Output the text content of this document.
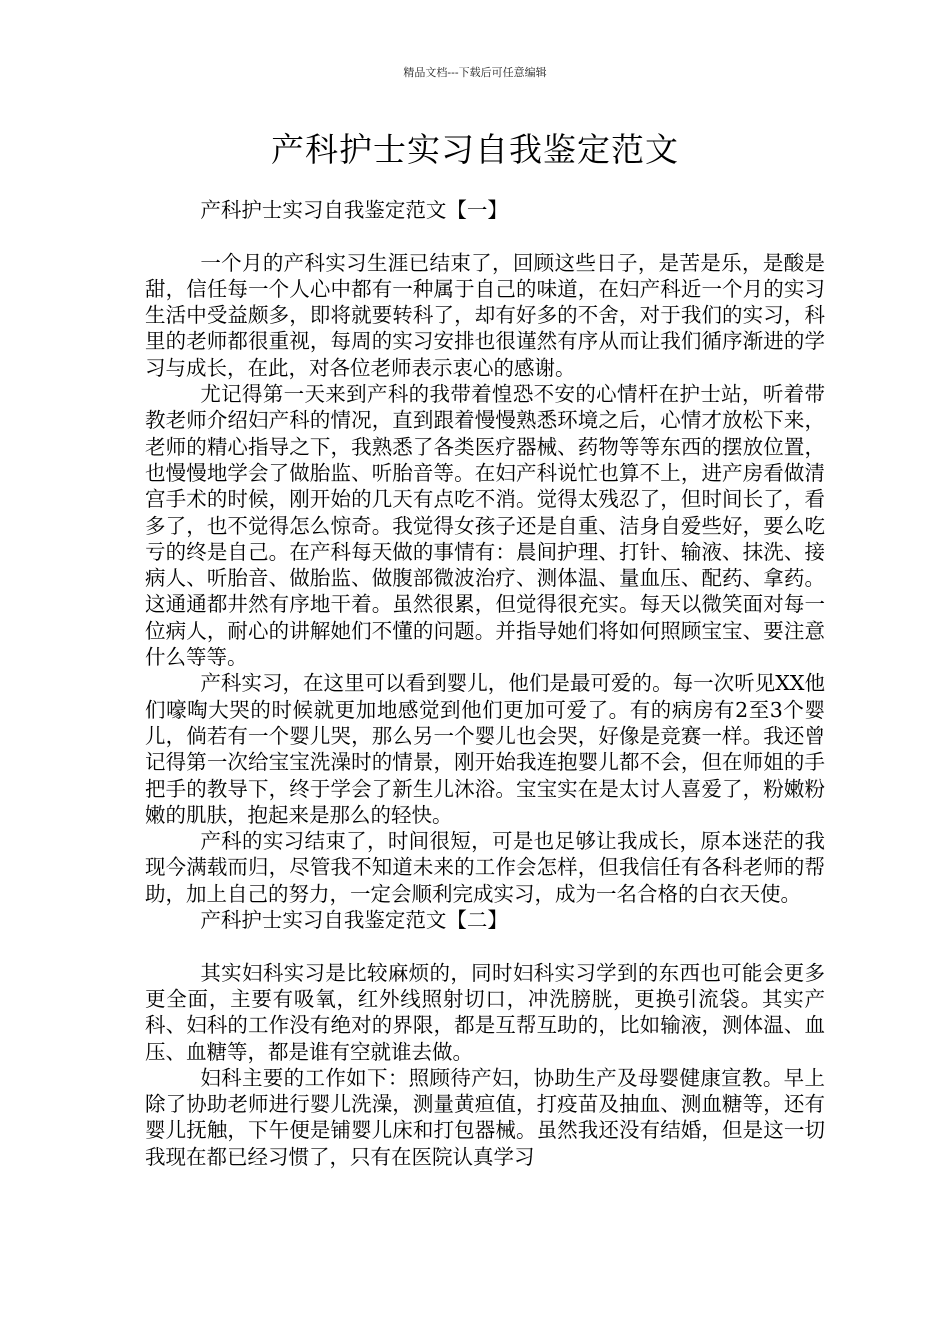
精品文档---下载后可任意编辑
产科护士实习自我鉴定范文

产科护士实习自我鉴定范文【一】

一个月的产科实习生涯已结束了，回顾这些日子，是苦是乐，是酸是甜，信任每一个人心中都有一种属于自己的味道，在妇产科近一个月的实习生活中受益颇多，即将就要转科了，却有好多的不舍，对于我们的实习，科里的老师都很重视，每周的实习安排也很谨然有序从而让我们循序渐进的学习与成长，在此，对各位老师表示衷心的感谢。

尤记得第一天来到产科的我带着惶恐不安的心情杆在护士站，听着带教老师介绍妇产科的情况，直到跟着慢慢熟悉环境之后，心情才放松下来，老师的精心指导之下，我熟悉了各类医疗器械、药物等等东西的摆放位置，也慢慢地学会了做胎监、听胎音等。在妇产科说忙也算不上，进产房看做清宫手术的时候，刚开始的几天有点吃不消。觉得太残忍了，但时间长了，看多了，也不觉得怎么惊奇。我觉得女孩子还是自重、洁身自爱些好，要么吃亏的终是自己。在产科每天做的事情有：晨间护理、打针、输液、抹洗、接病人、听胎音、做胎监、做腹部微波治疗、测体温、量血压、配药、拿药。这通通都井然有序地干着。虽然很累，但觉得很充实。每天以微笑面对每一位病人，耐心的讲解她们不懂的问题。并指导她们将如何照顾宝宝、要注意什么等等。

产科实习，在这里可以看到婴儿，他们是最可爱的。每一次听见XX他们嚎啕大哭的时候就更加地感觉到他们更加可爱了。有的病房有2至3个婴儿，倘若有一个婴儿哭，那么另一个婴儿也会哭，好像是竞赛一样。我还曾记得第一次给宝宝洗澡时的情景，刚开始我连抱婴儿都不会，但在师姐的手把手的教导下，终于学会了新生儿沐浴。宝宝实在是太讨人喜爱了，粉嫩粉嫩的肌肤，抱起来是那么的轻快。

产科的实习结束了，时间很短，可是也足够让我成长，原本迷茫的我现今满载而归，尽管我不知道未来的工作会怎样，但我信任有各科老师的帮助，加上自己的努力，一定会顺利完成实习，成为一名合格的白衣天使。

产科护士实习自我鉴定范文【二】

其实妇科实习是比较麻烦的，同时妇科实习学到的东西也可能会更多更全面，主要有吸氧，红外线照射切口，冲洗膀胱，更换引流袋。其实产科、妇科的工作没有绝对的界限，都是互帮互助的，比如输液，测体温、血压、血糖等，都是谁有空就谁去做。

妇科主要的工作如下：照顾待产妇，协助生产及母婴健康宣教。早上除了协助老师进行婴儿洗澡，测量黄疸值，打疫苗及抽血、测血糖等，还有婴儿抚触，下午便是铺婴儿床和打包器械。虽然我还没有结婚，但是这一切我现在都已经习惯了，只有在医院认真学习
